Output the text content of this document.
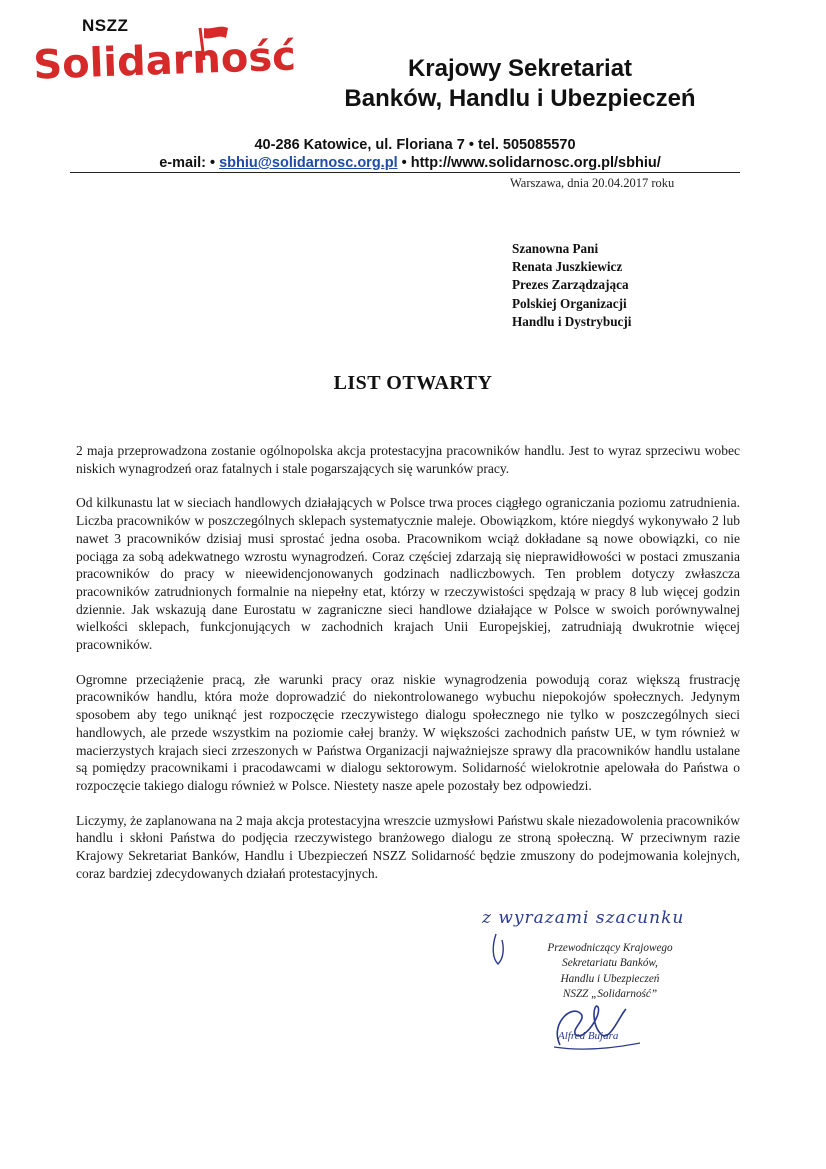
Solidarność
NSZZ
Krajowy Sekretariat
Banków, Handlu i Ubezpieczeń
40-286 Katowice, ul. Floriana 7 • tel. 505085570
e-mail: • sbhiu@solidarnosc.org.pl • http://www.solidarnosc.org.pl/sbhiu/
Warszawa, dnia 20.04.2017 roku
Szanowna Pani
Renata Juszkiewicz
Prezes Zarządzająca
Polskiej Organizacji
Handlu i Dystrybucji
LIST OTWARTY

2 maja przeprowadzona zostanie ogólnopolska akcja protestacyjna pracowników handlu. Jest to wyraz sprzeciwu wobec niskich wynagrodzeń oraz fatalnych i stale pogarszających się warunków pracy.

Od kilkunastu lat w sieciach handlowych działających w Polsce trwa proces ciągłego ograniczania poziomu zatrudnienia. Liczba pracowników w poszczególnych sklepach systematycznie maleje. Obowiązkom, które niegdyś wykonywało 2 lub nawet 3 pracowników dzisiaj musi sprostać jedna osoba. Pracownikom wciąż dokładane są nowe obowiązki, co nie pociąga za sobą adekwatnego wzrostu wynagrodzeń. Coraz częściej zdarzają się nieprawidłowości w postaci zmuszania pracowników do pracy w nieewidencjonowanych godzinach nadliczbowych. Ten problem dotyczy zwłaszcza pracowników zatrudnionych formalnie na niepełny etat, którzy w rzeczywistości spędzają w pracy 8 lub więcej godzin dziennie. Jak wskazują dane Eurostatu w zagraniczne sieci handlowe działające w Polsce w swoich porównywalnej wielkości sklepach, funkcjonujących w zachodnich krajach Unii Europejskiej, zatrudniają dwukrotnie więcej pracowników.

Ogromne przeciążenie pracą, złe warunki pracy oraz niskie wynagrodzenia powodują coraz większą frustrację pracowników handlu, która może doprowadzić do niekontrolowanego wybuchu niepokojów społecznych. Jedynym sposobem aby tego uniknąć jest rozpoczęcie rzeczywistego dialogu społecznego nie tylko w poszczególnych sieci handlowych, ale przede wszystkim na poziomie całej branży. W większości zachodnich państw UE, w tym również w macierzystych krajach sieci zrzeszonych w Państwa Organizacji najważniejsze sprawy dla pracowników handlu ustalane są pomiędzy pracownikami i pracodawcami w dialogu sektorowym. Solidarność wielokrotnie apelowała do Państwa o rozpoczęcie takiego dialogu również w Polsce. Niestety nasze apele pozostały bez odpowiedzi.

Liczymy, że zaplanowana na 2 maja akcja protestacyjna wreszcie uzmysłowi Państwu skale niezadowolenia pracowników handlu i skłoni Państwa do podjęcia rzeczywistego branżowego dialogu ze stroną społeczną. W przeciwnym razie Krajowy Sekretariat Banków, Handlu i Ubezpieczeń NSZZ Solidarność będzie zmuszony do podejmowania kolejnych, coraz bardziej zdecydowanych działań protestacyjnych.

z wyrazami szacunku
Przewodniczący Krajowego
Sekretariatu Banków,
Handlu i Ubezpieczeń
NSZZ „Solidarność”
Alfred Bujara
